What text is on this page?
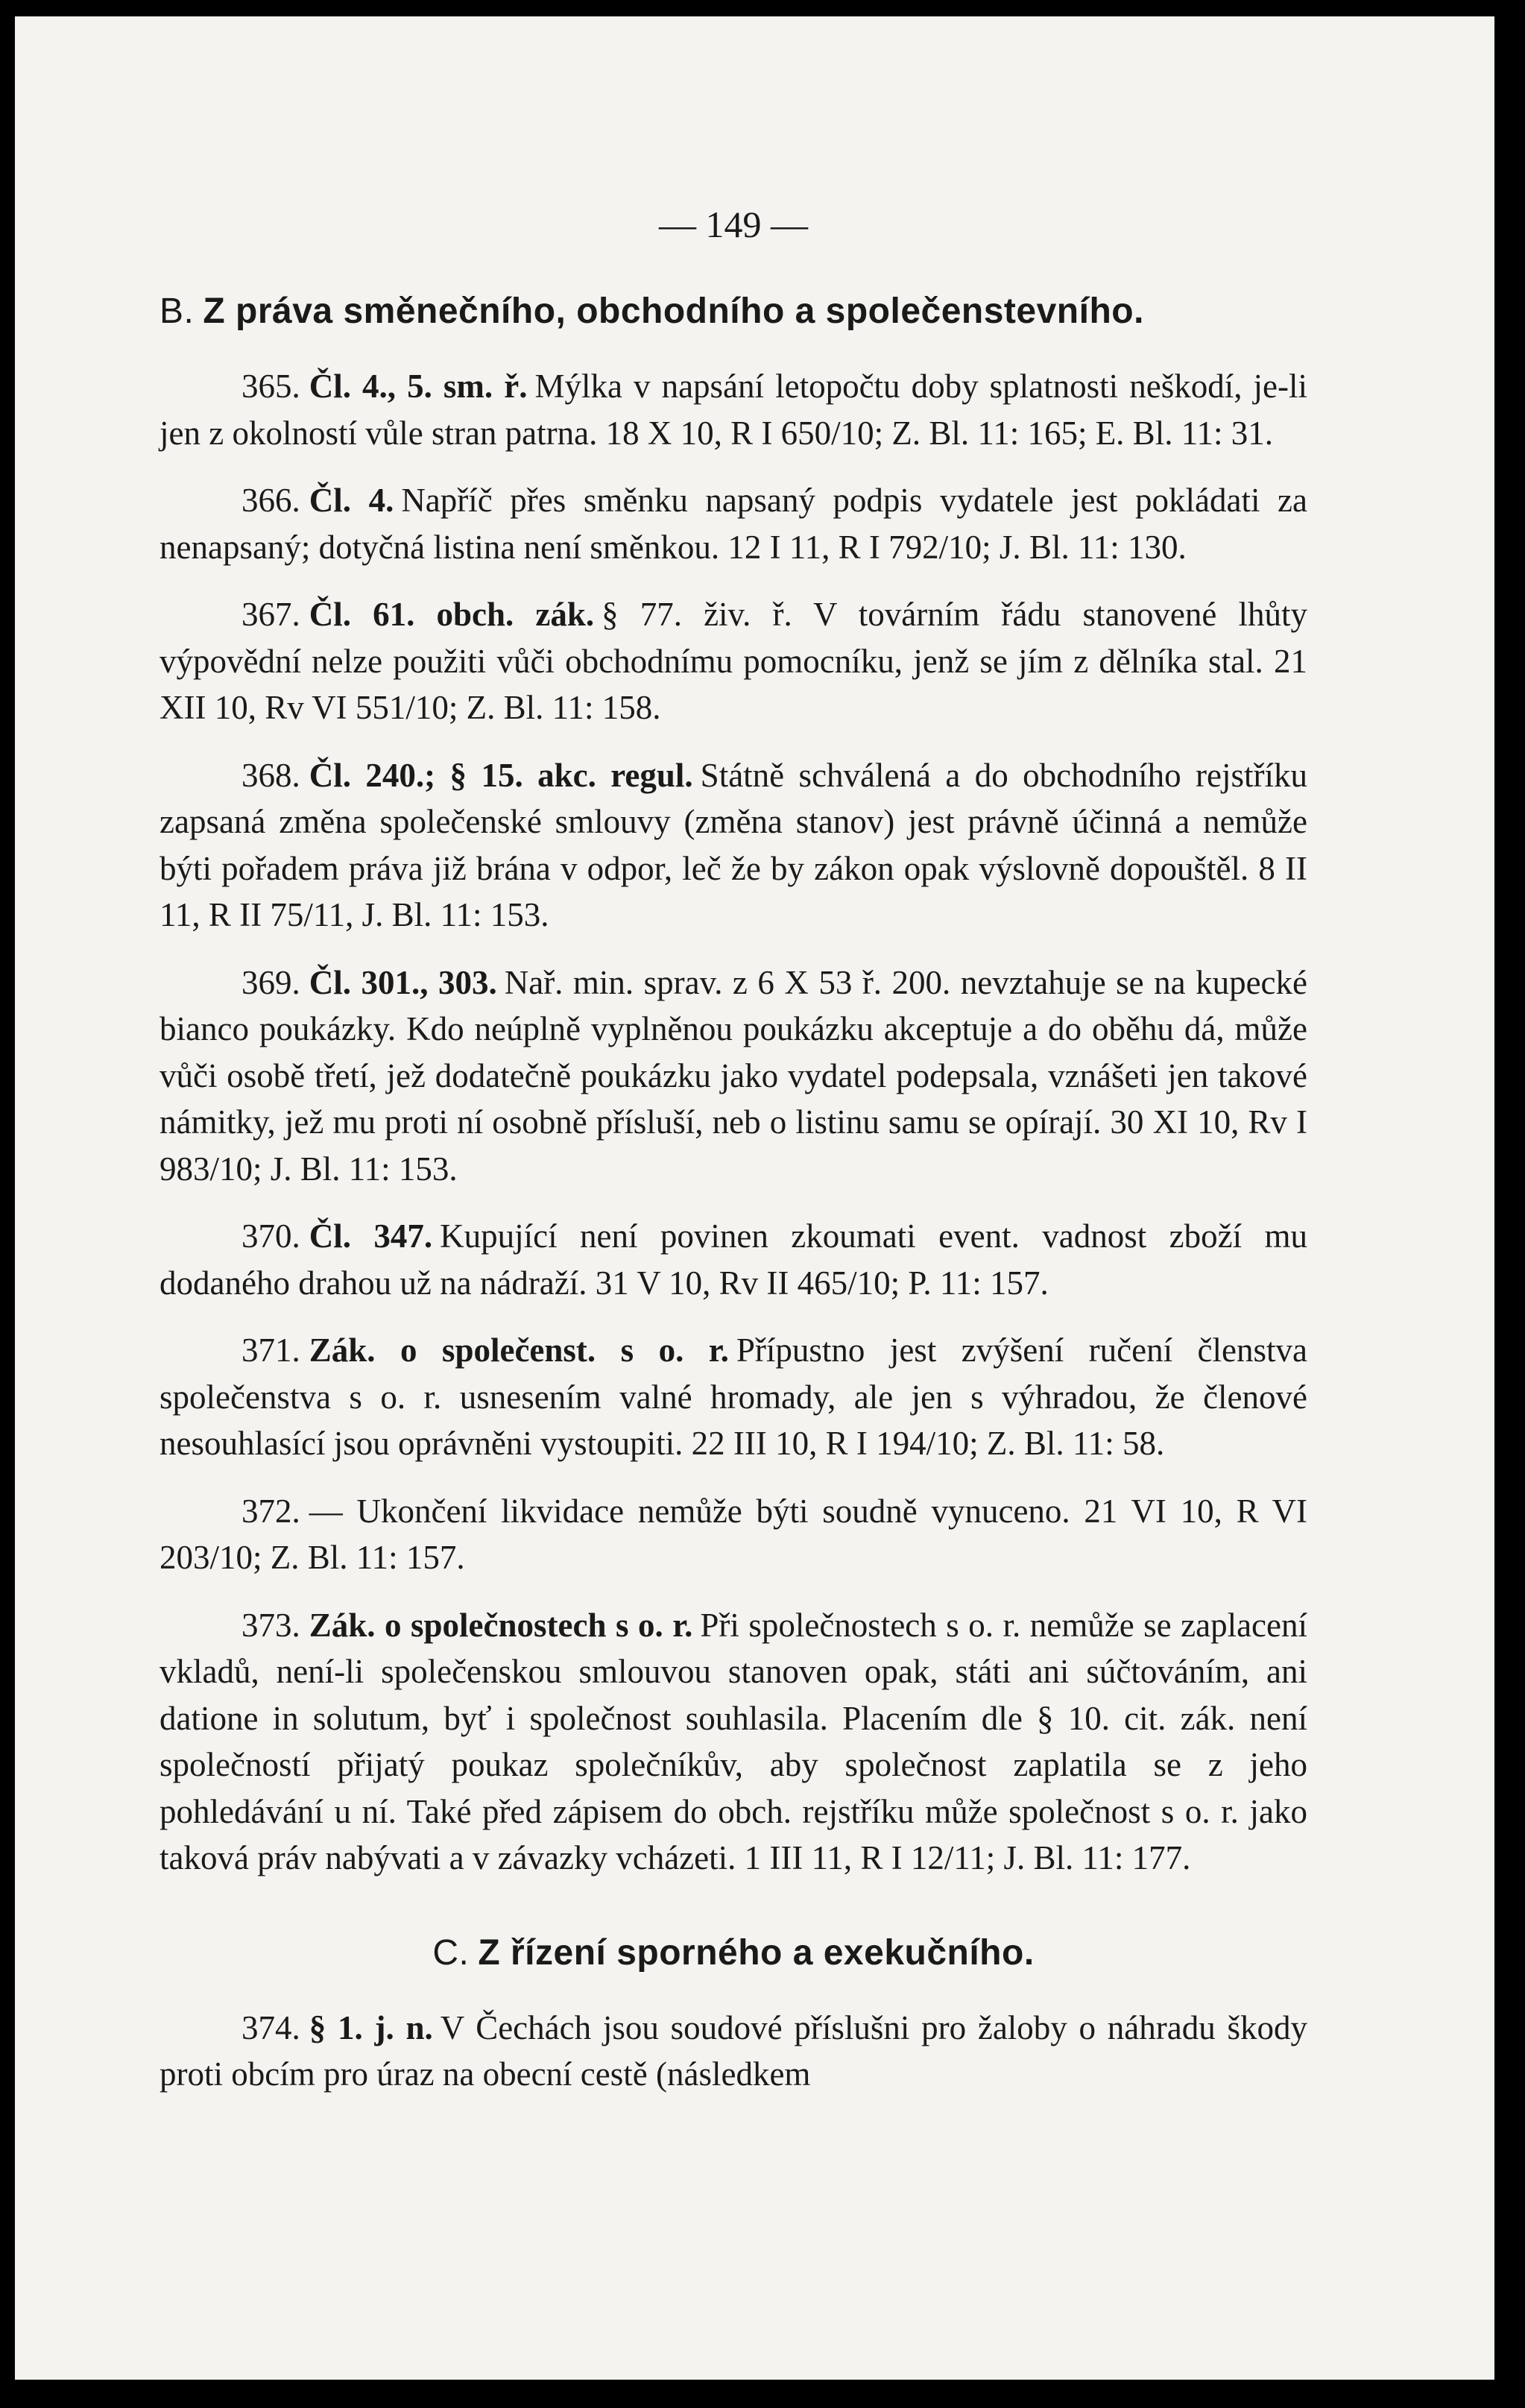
— 149 —
B. Z práva směnečního, obchodního a společenstevního.

365. Čl. 4., 5. sm. ř. Mýlka v napsání letopočtu doby splatnosti neškodí, je-li jen z okolností vůle stran patrna. 18 X 10, R I 650/10; Z. Bl. 11: 165; E. Bl. 11: 31.

366. Čl. 4. Napříč přes směnku napsaný podpis vydatele jest pokládati za nenapsaný; dotyčná listina není směnkou. 12 I 11, R I 792/10; J. Bl. 11: 130.

367. Čl. 61. obch. zák. § 77. živ. ř. V továrním řádu stanovené lhůty výpovědní nelze použiti vůči obchodnímu pomocníku, jenž se jím z dělníka stal. 21 XII 10, Rv VI 551/10; Z. Bl. 11: 158.

368. Čl. 240.; § 15. akc. regul. Státně schválená a do obchodního rejstříku zapsaná změna společenské smlouvy (změna stanov) jest právně účinná a nemůže býti pořadem práva již brána v odpor, leč že by zákon opak výslovně dopouštěl. 8 II 11, R II 75/11, J. Bl. 11: 153.

369. Čl. 301., 303. Nař. min. sprav. z 6 X 53 ř. 200. nevztahuje se na kupecké bianco poukázky. Kdo neúplně vyplněnou poukázku akceptuje a do oběhu dá, může vůči osobě třetí, jež dodatečně poukázku jako vydatel podepsala, vznášeti jen takové námitky, jež mu proti ní osobně přísluší, neb o listinu samu se opírají. 30 XI 10, Rv I 983/10; J. Bl. 11: 153.

370. Čl. 347. Kupující není povinen zkoumati event. vadnost zboží mu dodaného drahou už na nádraží. 31 V 10, Rv II 465/10; P. 11: 157.

371. Zák. o společenst. s o. r. Přípustno jest zvýšení ručení členstva společenstva s o. r. usnesením valné hromady, ale jen s výhradou, že členové nesouhlasící jsou oprávněni vystoupiti. 22 III 10, R I 194/10; Z. Bl. 11: 58.

372. — Ukončení likvidace nemůže býti soudně vynuceno. 21 VI 10, R VI 203/10; Z. Bl. 11: 157.

373. Zák. o společnostech s o. r. Při společnostech s o. r. nemůže se zaplacení vkladů, není-li společenskou smlouvou stanoven opak, státi ani súčtováním, ani datione in solutum, byť i společnost souhlasila. Placením dle § 10. cit. zák. není společností přijatý poukaz společníkův, aby společnost zaplatila se z jeho pohledávání u ní. Také před zápisem do obch. rejstříku může společnost s o. r. jako taková práv nabývati a v závazky vcházeti. 1 III 11, R I 12/11; J. Bl. 11: 177.

C. Z řízení sporného a exekučního.

374. § 1. j. n. V Čechách jsou soudové příslušni pro žaloby o náhradu škody proti obcím pro úraz na obecní cestě (následkem
